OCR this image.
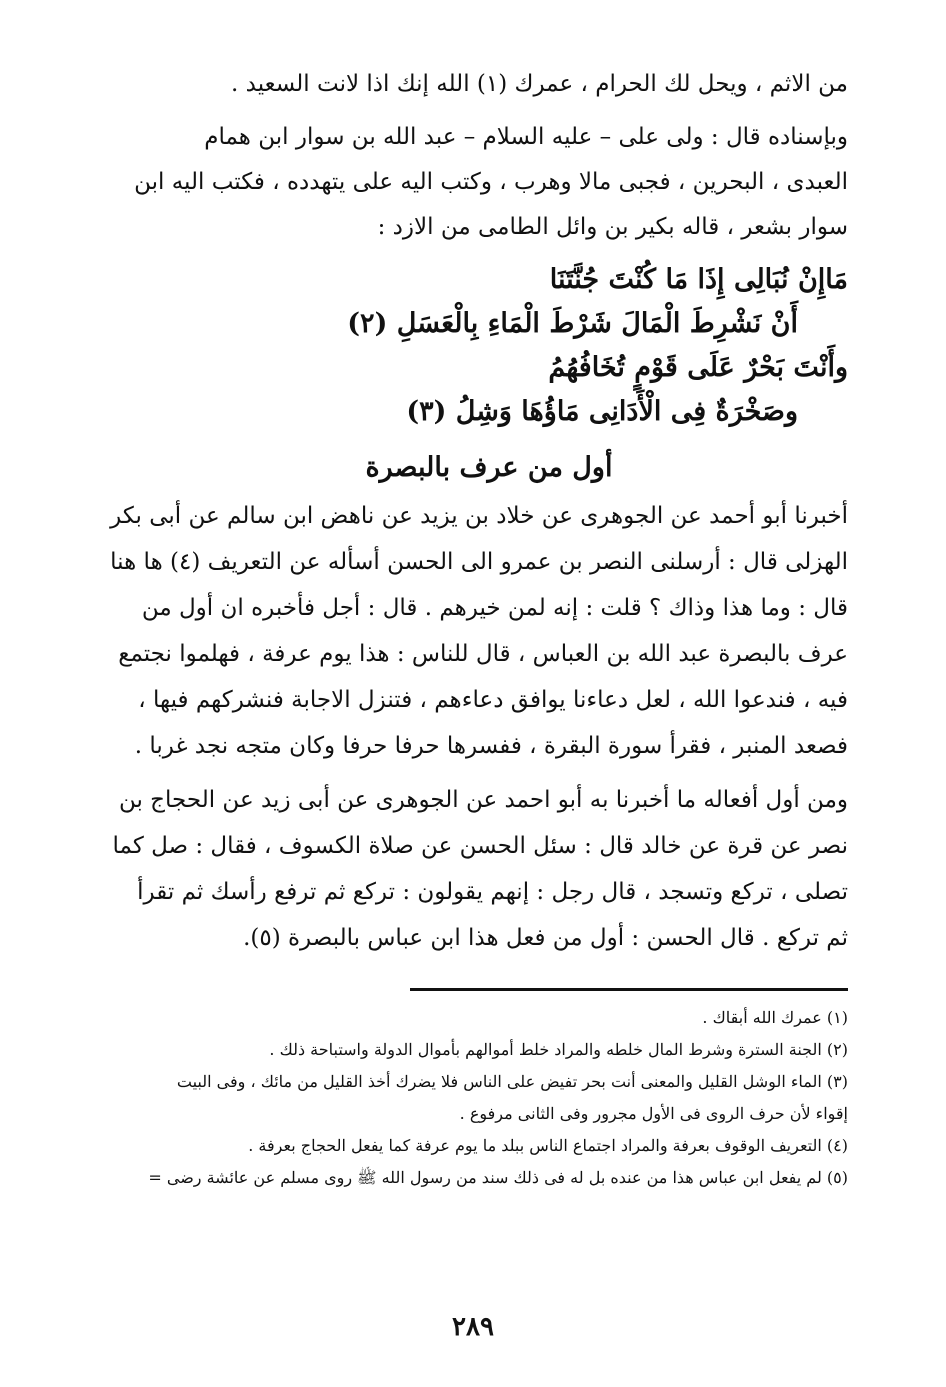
من الاثم ، ويحل لك الحرام ، عمرك (١) الله إنك اذا لانت السعيد .
وبإسناده قال : ولى على – عليه السلام – عبد الله بن سوار ابن همام
العبدى ، البحرين ، فجبى مالا وهرب ، وكتب اليه على يتهدده ، فكتب اليه ابن
سوار بشعر ، قاله بكير بن وائل الطامى من الازد :
مَاإِنْ نُبَالِى إِذَا مَا كُنْتَ جُنَّتَنَا
أَنْ نَشْرِطَ الْمَالَ شَرْطَ الْمَاءِ بِالْعَسَلِ (٢)
وأَنْتَ بَحْرٌ عَلَى قَوْمٍ تُخَافُهُمُ
وصَخْرَةٌ فِى الْأَدَانِى مَاؤُهَا وَشِلُ (٣)
أول من عرف بالبصرة
أخبرنا أبو أحمد عن الجوهرى عن خلاد بن يزيد عن ناهض ابن سالم عن أبى بكر
الهزلى قال : أرسلنى النصر بن عمرو الى الحسن أسأله عن التعريف (٤) ها هنا
قال : وما هذا وذاك ؟ قلت : إنه لمن خيرهم . قال : أجل فأخبره ان أول من
عرف بالبصرة عبد الله بن العباس ، قال للناس : هذا يوم عرفة ، فهلموا نجتمع
فيه ، فندعوا الله ، لعل دعاءنا يوافق دعاءهم ، فتنزل الاجابة فنشركهم فيها ،
فصعد المنبر ، فقرأ سورة البقرة ، ففسرها حرفا حرفا وكان متجه نجد غربا .
ومن أول أفعاله ما أخبرنا به أبو احمد عن الجوهرى عن أبى زيد عن الحجاج بن
نصر عن قرة عن خالد قال : سئل الحسن عن صلاة الكسوف ، فقال : صل كما
تصلى ، تركع وتسجد ، قال رجل : إنهم يقولون : تركع ثم ترفع رأسك ثم تقرأ
ثم تركع . قال الحسن : أول من فعل هذا ابن عباس بالبصرة (٥).
(١) عمرك الله أبقاك .
(٢) الجنة السترة وشرط المال خلطه والمراد خلط أموالهم بأموال الدولة واستباحة ذلك .
(٣) الماء الوشل القليل والمعنى أنت بحر تفيض على الناس فلا يضرك أخذ القليل من مائك ، وفى البيت
إقواء لأن حرف الروى فى الأول مجرور وفى الثانى مرفوع .
(٤) التعريف الوقوف بعرفة والمراد اجتماع الناس ببلد ما يوم عرفة كما يفعل الحجاج بعرفة .
(٥) لم يفعل ابن عباس هذا من عنده بل له فى ذلك سند من رسول الله ﷺ روى مسلم عن عائشة رضى =
٢٨٩
